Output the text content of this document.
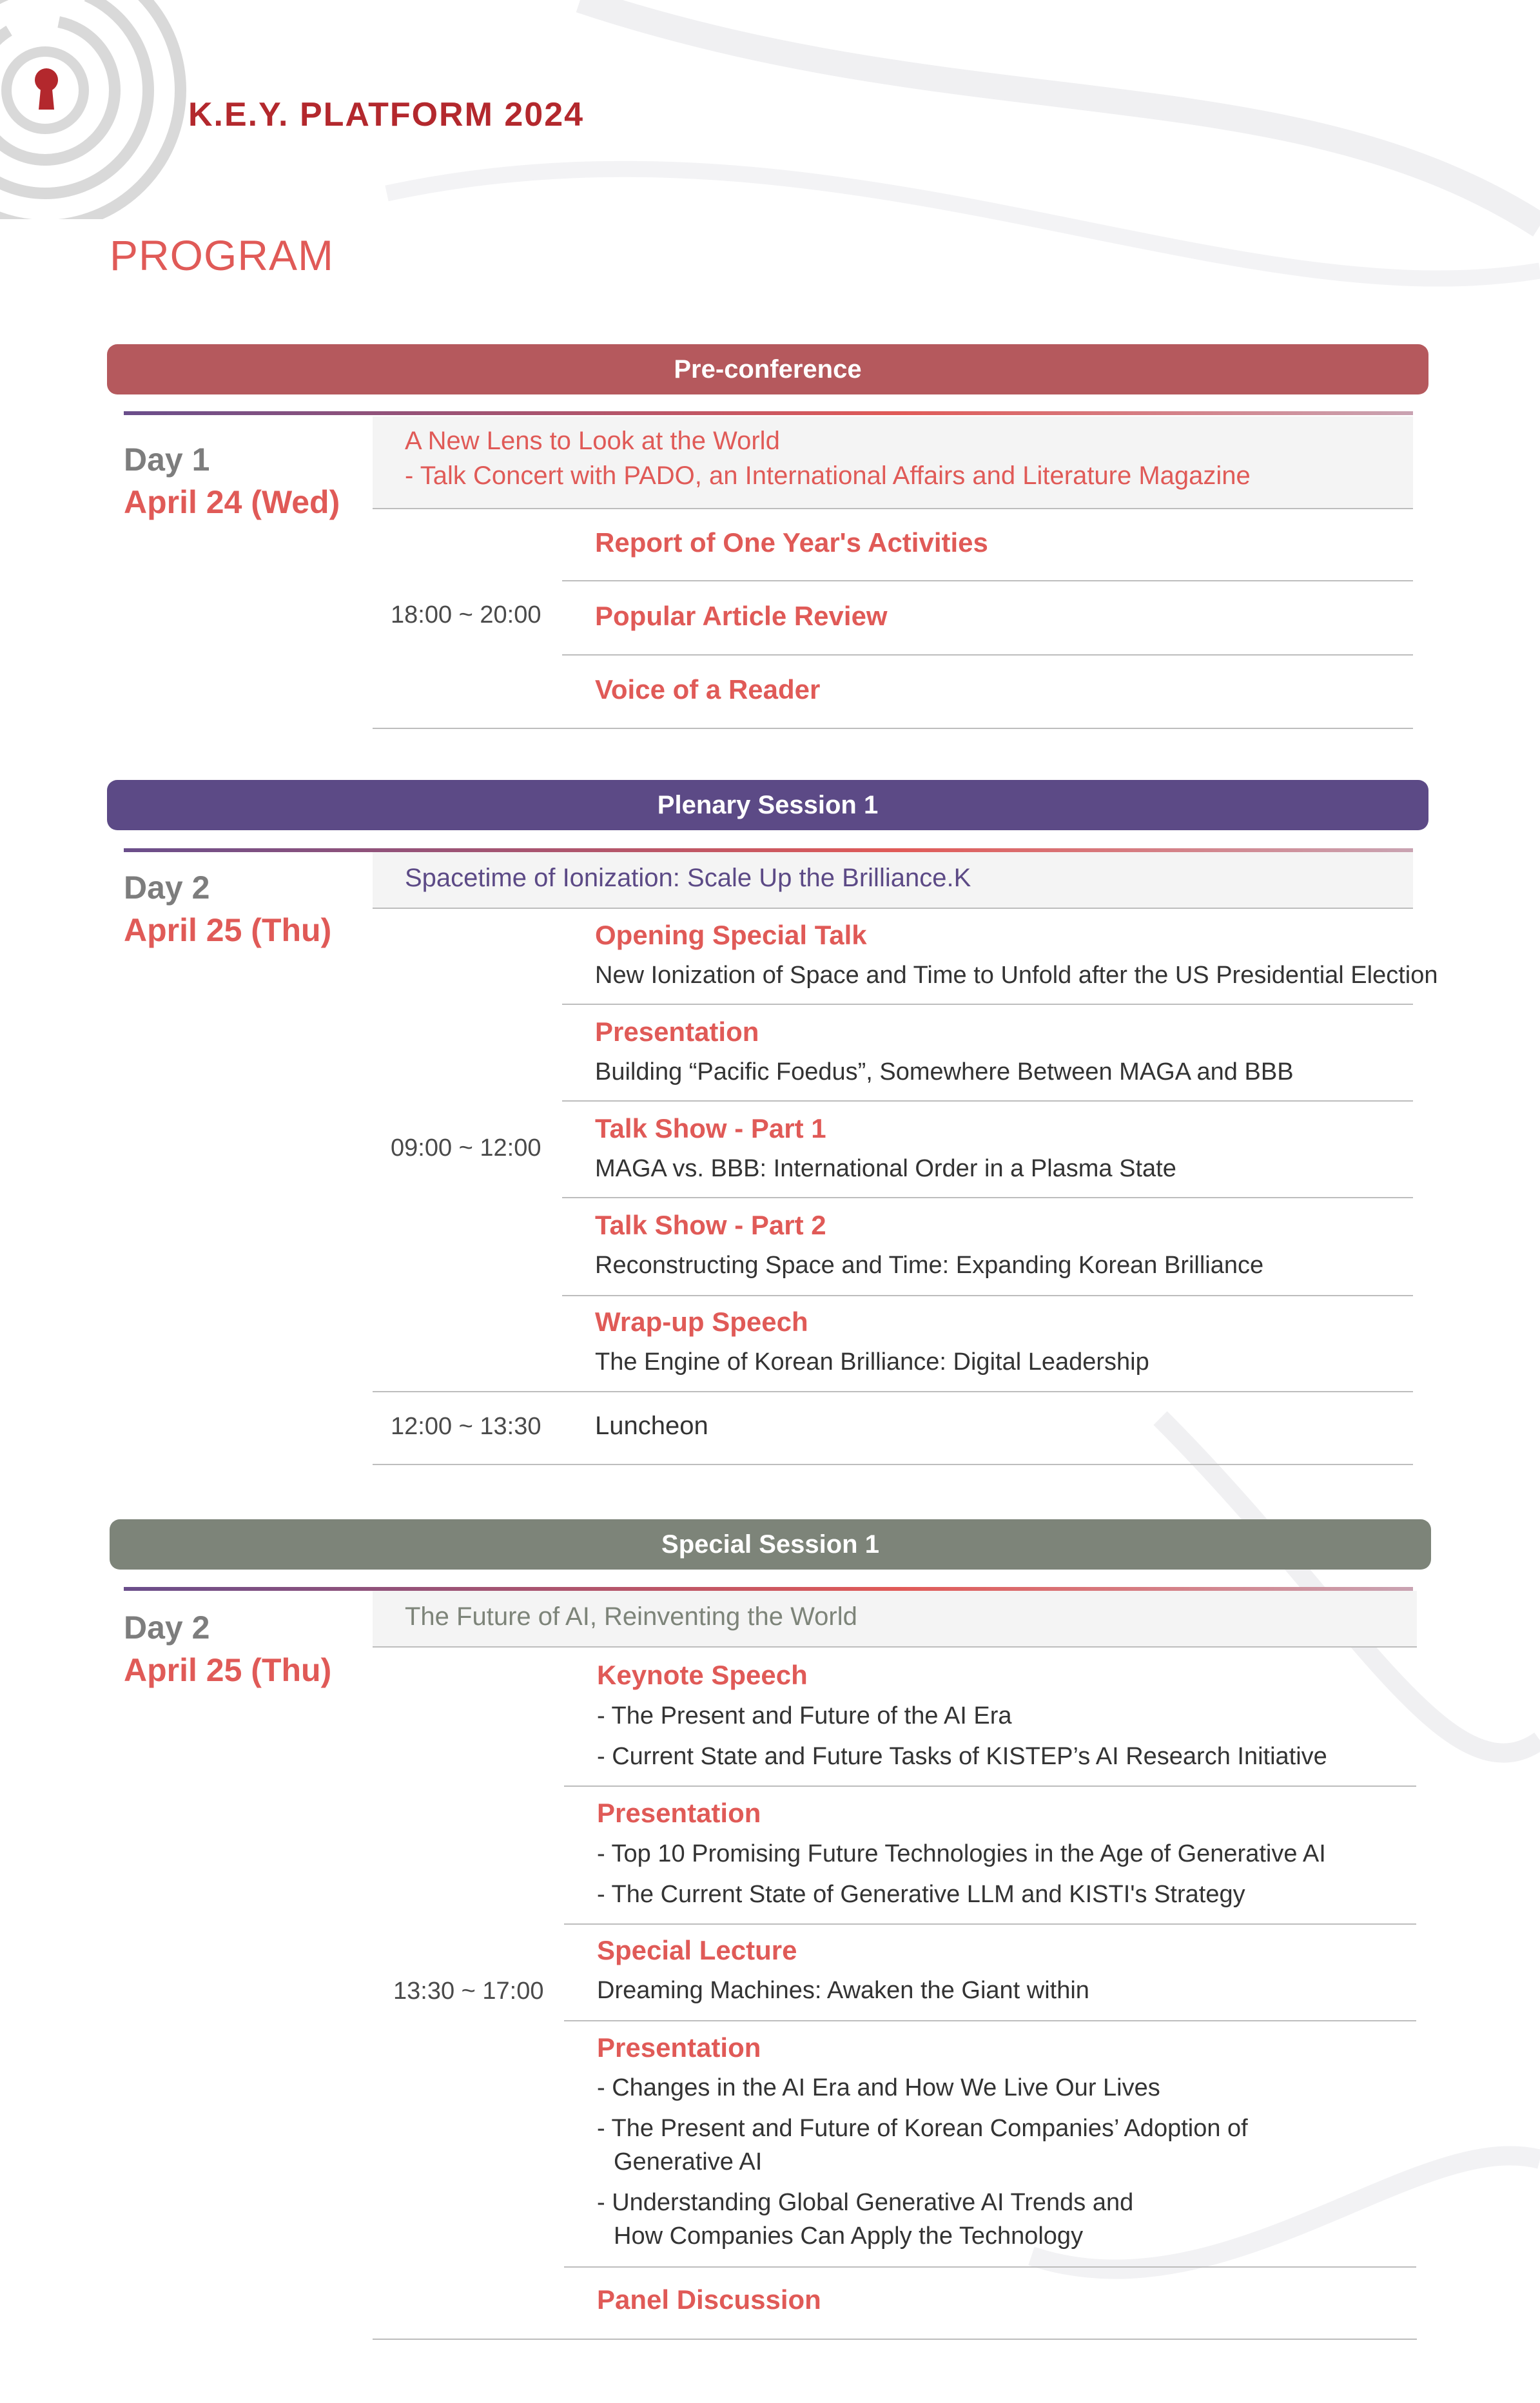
K.E.Y. PLATFORM 2024
PROGRAM
Pre-conference
Day 1
April 24 (Wed)
A New Lens to Look at the World
- Talk Concert with PADO, an International Affairs and Literature Magazine
18:00 ~ 20:00
Report of One Year's Activities
Popular Article Review
Voice of a Reader
Plenary Session 1
Day 2
April 25 (Thu)
Spacetime of Ionization: Scale Up the Brilliance.K
09:00 ~ 12:00
Opening Special Talk
New Ionization of Space and Time to Unfold after the US Presidential Election
Presentation
Building “Pacific Foedus”, Somewhere Between MAGA and BBB
Talk Show - Part 1
MAGA vs. BBB: International Order in a Plasma State
Talk Show - Part 2
Reconstructing Space and Time: Expanding Korean Brilliance
Wrap-up Speech
The Engine of Korean Brilliance: Digital Leadership
12:00 ~ 13:30 Luncheon
Special Session 1
Day 2
April 25 (Thu)
The Future of AI, Reinventing the World
13:30 ~ 17:00
Keynote Speech
- The Present and Future of the AI Era
- Current State and Future Tasks of KISTEP’s AI Research Initiative
Presentation
- Top 10 Promising Future Technologies in the Age of Generative AI
- The Current State of Generative LLM and KISTI's Strategy
Special Lecture
Dreaming Machines: Awaken the Giant within
Presentation
- Changes in the AI Era and How We Live Our Lives
- The Present and Future of Korean Companies’ Adoption of
Generative AI
- Understanding Global Generative AI Trends and
How Companies Can Apply the Technology
Panel Discussion
